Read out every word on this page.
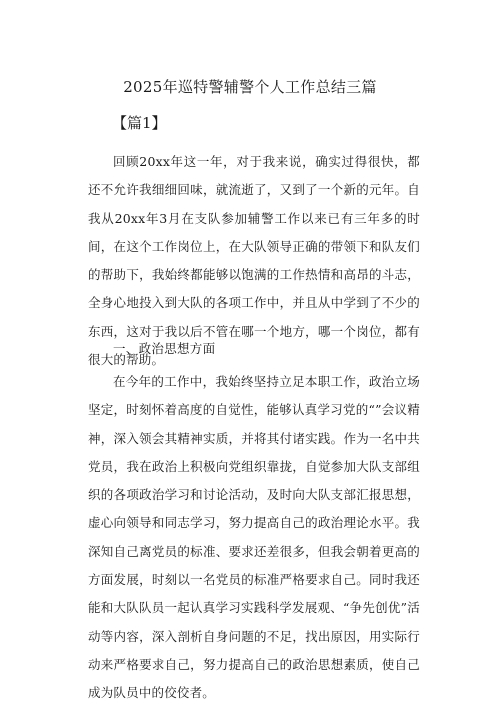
2025年巡特警辅警个人工作总结三篇
【篇1】

回顾20xx年这一年，对于我来说，确实过得很快，都还不允许我细细回味，就流逝了，又到了一个新的元年。自我从20xx年3月在支队参加辅警工作以来已有三年多的时间，在这个工作岗位上，在大队领导正确的带领下和队友们的帮助下，我始终都能够以饱满的工作热情和高昂的斗志，全身心地投入到大队的各项工作中，并且从中学到了不少的东西，这对于我以后不管在哪一个地方，哪一个岗位，都有很大的帮助。

一、政治思想方面

在今年的工作中，我始终坚持立足本职工作，政治立场坚定，时刻怀着高度的自觉性，能够认真学习党的“”会议精神，深入领会其精神实质，并将其付诸实践。作为一名中共党员，我在政治上积极向党组织靠拢，自觉参加大队支部组织的各项政治学习和讨论活动，及时向大队支部汇报思想，虚心向领导和同志学习，努力提高自己的政治理论水平。我深知自己离党员的标准、要求还差很多，但我会朝着更高的方面发展，时刻以一名党员的标准严格要求自己。同时我还能和大队队员一起认真学习实践科学发展观、“争先创优”活动等内容，深入剖析自身问题的不足，找出原因，用实际行动来严格要求自己，努力提高自己的政治思想素质，使自己成为队员中的佼佼者。
